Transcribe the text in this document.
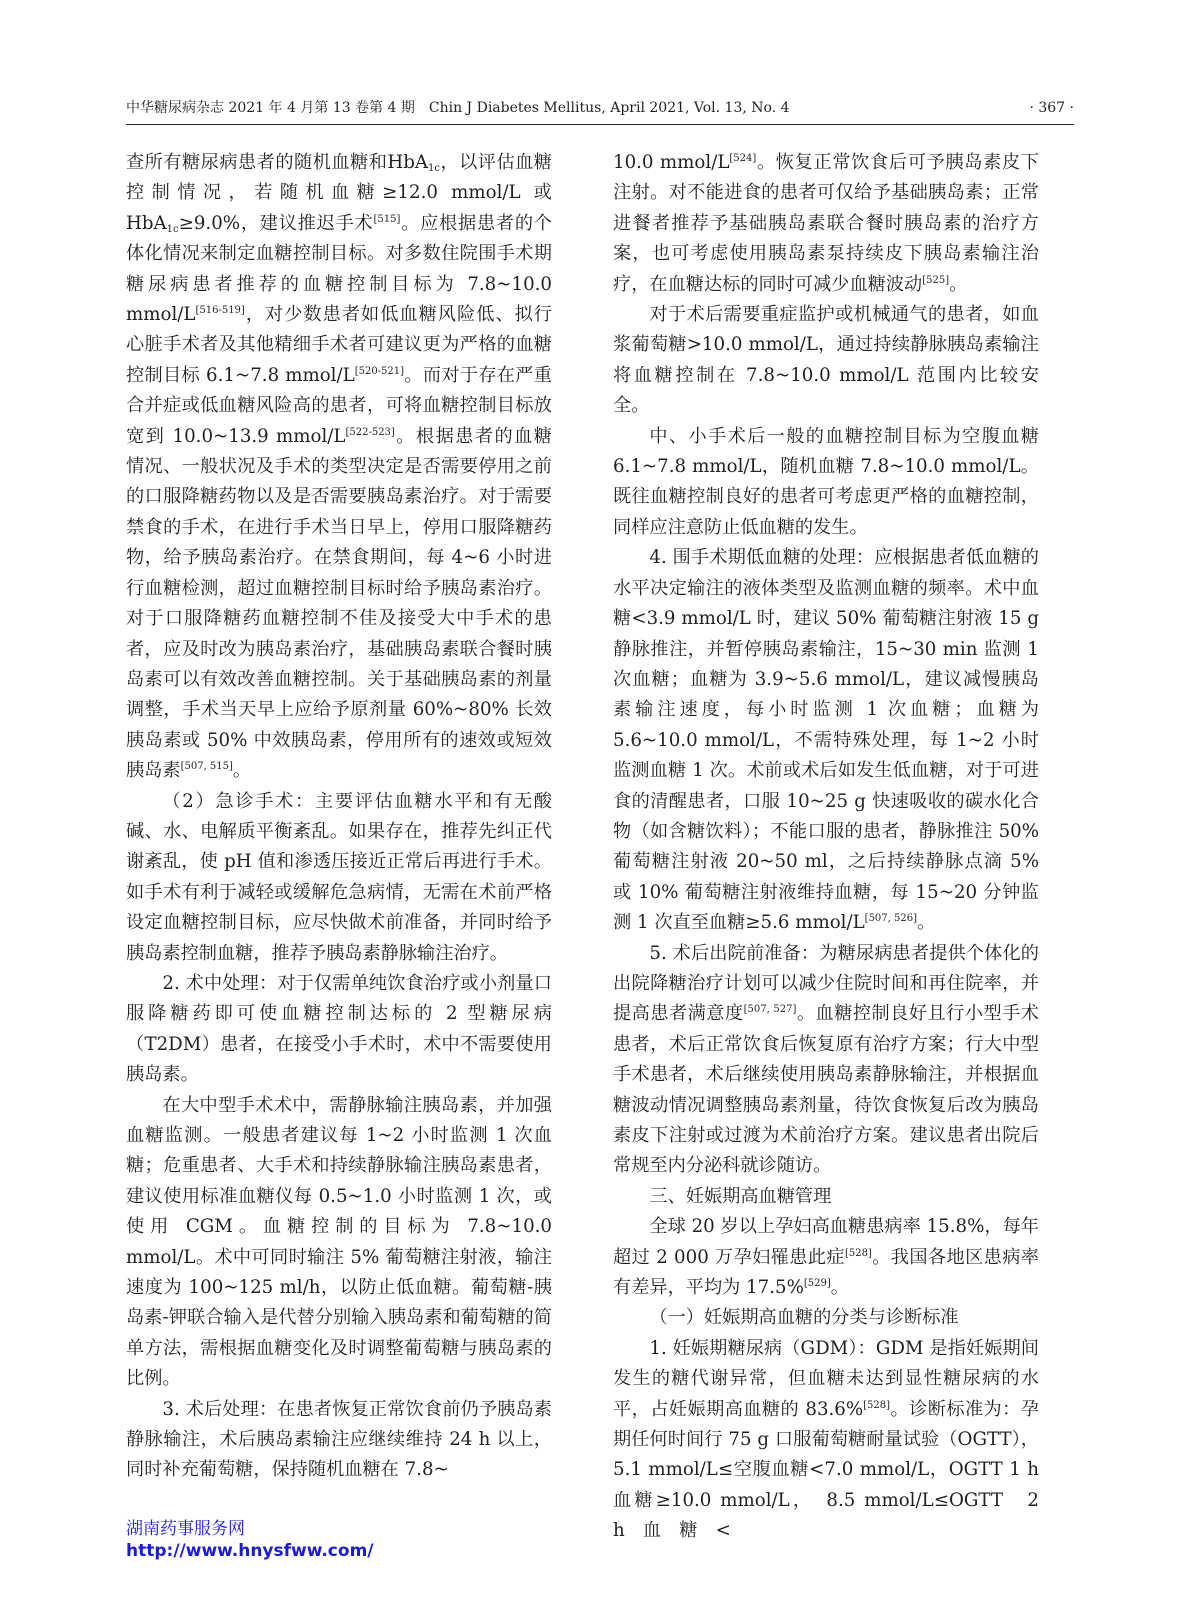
中华糖尿病杂志 2021 年 4 月第 13 卷第 4 期　Chin J Diabetes Mellitus, April 2021, Vol. 13, No. 4	· 367 ·

查所有糖尿病患者的随机血糖和HbA$_{1c}$，以评估血糖控制情况，若随机血糖≥12.0 mmol/L 或 HbA$_{1c}$≥9.0%，建议推迟手术[515]。应根据患者的个体化情况来制定血糖控制目标。对多数住院围手术期糖尿病患者推荐的血糖控制目标为 7.8~10.0 mmol/L[516-519]，对少数患者如低血糖风险低、拟行心脏手术者及其他精细手术者可建议更为严格的血糖控制目标 6.1~7.8 mmol/L[520-521]。而对于存在严重合并症或低血糖风险高的患者，可将血糖控制目标放宽到 10.0~13.9 mmol/L[522-523]。根据患者的血糖情况、一般状况及手术的类型决定是否需要停用之前的口服降糖药物以及是否需要胰岛素治疗。对于需要禁食的手术，在进行手术当日早上，停用口服降糖药物，给予胰岛素治疗。在禁食期间，每 4~6 小时进行血糖检测，超过血糖控制目标时给予胰岛素治疗。对于口服降糖药血糖控制不佳及接受大中手术的患者，应及时改为胰岛素治疗，基础胰岛素联合餐时胰岛素可以有效改善血糖控制。关于基础胰岛素的剂量调整，手术当天早上应给予原剂量 60%~80% 长效胰岛素或 50% 中效胰岛素，停用所有的速效或短效胰岛素[507, 515]。

（2）急诊手术：主要评估血糖水平和有无酸碱、水、电解质平衡紊乱。如果存在，推荐先纠正代谢紊乱，使 pH 值和渗透压接近正常后再进行手术。如手术有利于减轻或缓解危急病情，无需在术前严格设定血糖控制目标，应尽快做术前准备，并同时给予胰岛素控制血糖，推荐予胰岛素静脉输注治疗。

2. 术中处理：对于仅需单纯饮食治疗或小剂量口服降糖药即可使血糖控制达标的 2 型糖尿病（T2DM）患者，在接受小手术时，术中不需要使用胰岛素。

在大中型手术术中，需静脉输注胰岛素，并加强血糖监测。一般患者建议每 1~2 小时监测 1 次血糖；危重患者、大手术和持续静脉输注胰岛素患者，建议使用标准血糖仪每 0.5~1.0 小时监测 1 次，或使用 CGM。血糖控制的目标为 7.8~10.0 mmol/L。术中可同时输注 5% 葡萄糖注射液，输注速度为 100~125 ml/h，以防止低血糖。葡萄糖-胰岛素-钾联合输入是代替分别输入胰岛素和葡萄糖的简单方法，需根据血糖变化及时调整葡萄糖与胰岛素的比例。

3. 术后处理：在患者恢复正常饮食前仍予胰岛素静脉输注，术后胰岛素输注应继续维持 24 h 以上，同时补充葡萄糖，保持随机血糖在 7.8~

10.0 mmol/L[524]。恢复正常饮食后可予胰岛素皮下注射。对不能进食的患者可仅给予基础胰岛素；正常进餐者推荐予基础胰岛素联合餐时胰岛素的治疗方案，也可考虑使用胰岛素泵持续皮下胰岛素输注治疗，在血糖达标的同时可减少血糖波动[525]。

对于术后需要重症监护或机械通气的患者，如血浆葡萄糖>10.0 mmol/L，通过持续静脉胰岛素输注将血糖控制在 7.8~10.0 mmol/L 范围内比较安全。

中、小手术后一般的血糖控制目标为空腹血糖 6.1~7.8 mmol/L，随机血糖 7.8~10.0 mmol/L。既往血糖控制良好的患者可考虑更严格的血糖控制，同样应注意防止低血糖的发生。

4. 围手术期低血糖的处理：应根据患者低血糖的水平决定输注的液体类型及监测血糖的频率。术中血糖<3.9 mmol/L 时，建议 50% 葡萄糖注射液 15 g 静脉推注，并暂停胰岛素输注，15~30 min 监测 1 次血糖；血糖为 3.9~5.6 mmol/L，建议减慢胰岛素输注速度，每小时监测 1 次血糖；血糖为 5.6~10.0 mmol/L，不需特殊处理，每 1~2 小时监测血糖 1 次。术前或术后如发生低血糖，对于可进食的清醒患者，口服 10~25 g 快速吸收的碳水化合物（如含糖饮料）；不能口服的患者，静脉推注 50% 葡萄糖注射液 20~50 ml，之后持续静脉点滴 5% 或 10% 葡萄糖注射液维持血糖，每 15~20 分钟监测 1 次直至血糖≥5.6 mmol/L[507, 526]。

5. 术后出院前准备：为糖尿病患者提供个体化的出院降糖治疗计划可以减少住院时间和再住院率，并提高患者满意度[507, 527]。血糖控制良好且行小型手术患者，术后正常饮食后恢复原有治疗方案；行大中型手术患者，术后继续使用胰岛素静脉输注，并根据血糖波动情况调整胰岛素剂量，待饮食恢复后改为胰岛素皮下注射或过渡为术前治疗方案。建议患者出院后常规至内分泌科就诊随访。

三、妊娠期高血糖管理

全球 20 岁以上孕妇高血糖患病率 15.8%，每年超过 2 000 万孕妇罹患此症[528]。我国各地区患病率有差异，平均为 17.5%[529]。

（一）妊娠期高血糖的分类与诊断标准

1. 妊娠期糖尿病（GDM）：GDM 是指妊娠期间发生的糖代谢异常，但血糖未达到显性糖尿病的水平，占妊娠期高血糖的 83.6%[528]。诊断标准为：孕期任何时间行 75 g 口服葡萄糖耐量试验（OGTT），5.1 mmol/L≤空腹血糖<7.0 mmol/L，OGTT 1 h 血糖≥10.0 mmol/L，　8.5 mmol/L≤OGTT　2　h　血　糖　<

湖南药事服务网
http://www.hnysfww.com/
